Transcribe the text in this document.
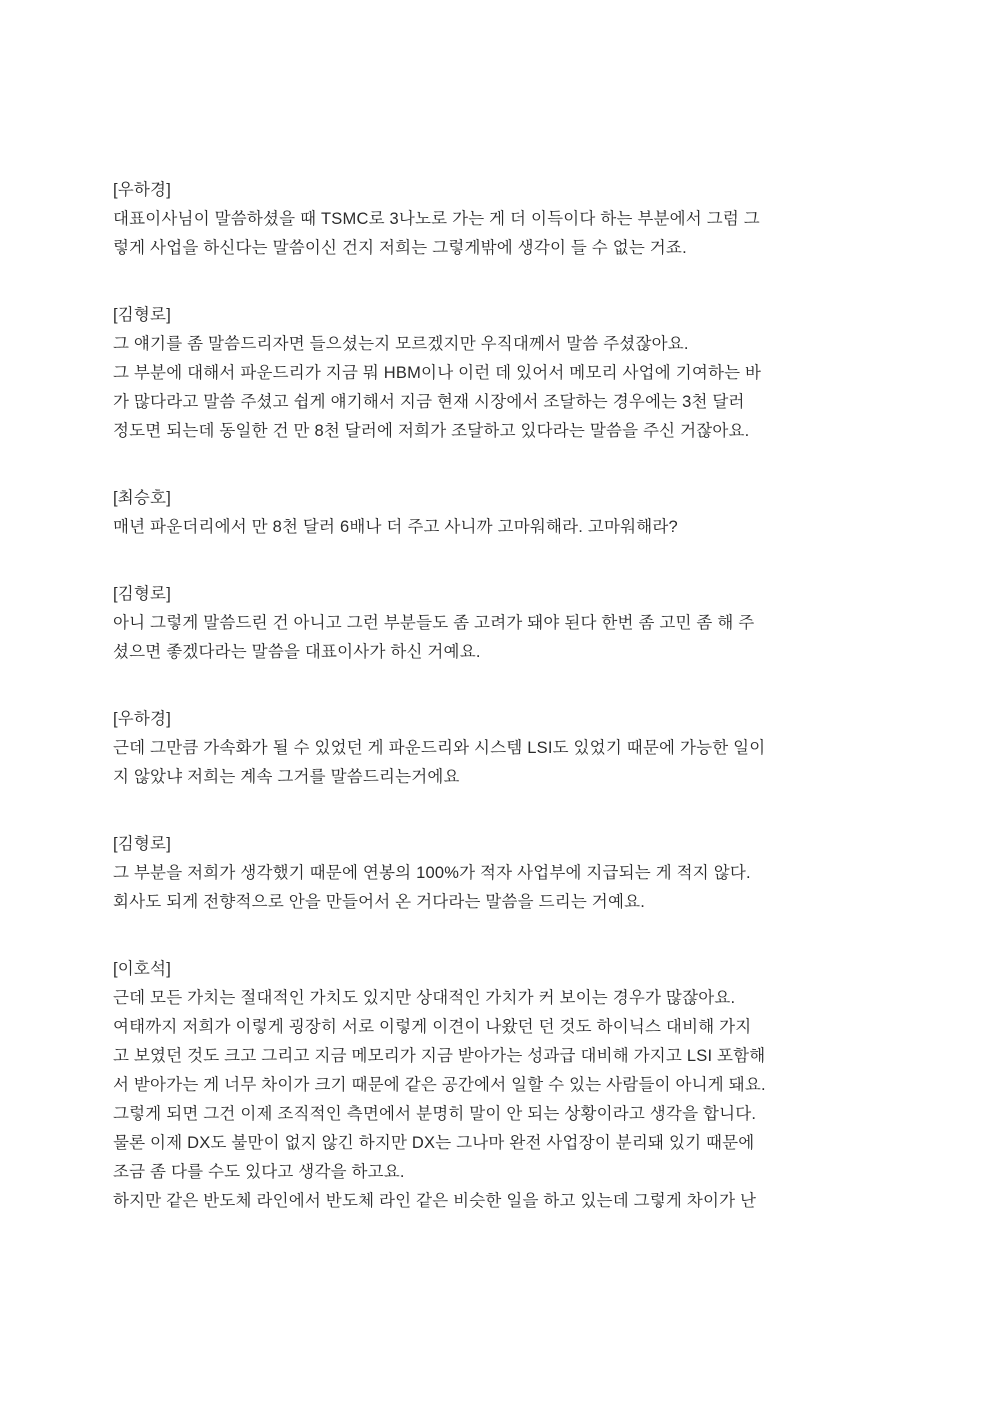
[우하경]
대표이사님이 말씀하셨을 때 TSMC로 3나노로 가는 게 더 이득이다 하는 부분에서 그럼 그
렇게 사업을 하신다는 말씀이신 건지 저희는 그렇게밖에 생각이 들 수 없는 거죠.
[김형로]
그 얘기를 좀 말씀드리자면 들으셨는지 모르겠지만 우직대께서 말씀 주셨잖아요.
그 부분에 대해서 파운드리가 지금 뭐 HBM이나 이런 데 있어서 메모리 사업에 기여하는 바
가 많다라고 말씀 주셨고 쉽게 얘기해서 지금 현재 시장에서 조달하는 경우에는 3천 달러
정도면 되는데 동일한 건 만 8천 달러에 저희가 조달하고 있다라는 말씀을 주신 거잖아요.
[최승호]
매년 파운더리에서 만 8천 달러 6배나 더 주고 사니까 고마워해라. 고마워해라?
[김형로]
아니 그렇게 말씀드린 건 아니고 그런 부분들도 좀 고려가 돼야 된다 한번 좀 고민 좀 해 주
셨으면 좋겠다라는 말씀을 대표이사가 하신 거예요.
[우하경]
근데 그만큼 가속화가 될 수 있었던 게 파운드리와 시스템 LSI도 있었기 때문에 가능한 일이
지 않았냐 저희는 계속 그거를 말씀드리는거에요
[김형로]
그 부분을 저희가 생각했기 때문에 연봉의 100%가 적자 사업부에 지급되는 게 적지 않다.
회사도 되게 전향적으로 안을 만들어서 온 거다라는 말씀을 드리는 거예요.
[이호석]
근데 모든 가치는 절대적인 가치도 있지만 상대적인 가치가 커 보이는 경우가 많잖아요.
여태까지 저희가 이렇게 굉장히 서로 이렇게 이견이 나왔던 던 것도 하이닉스 대비해 가지
고 보였던 것도 크고 그리고 지금 메모리가 지금 받아가는 성과급 대비해 가지고 LSI 포함해
서 받아가는 게 너무 차이가 크기 때문에 같은 공간에서 일할 수 있는 사람들이 아니게 돼요.
그렇게 되면 그건 이제 조직적인 측면에서 분명히 말이 안 되는 상황이라고 생각을 합니다.
물론 이제 DX도 불만이 없지 않긴 하지만 DX는 그나마 완전 사업장이 분리돼 있기 때문에
조금 좀 다를 수도 있다고 생각을 하고요.
하지만 같은 반도체 라인에서 반도체 라인 같은 비슷한 일을 하고 있는데 그렇게 차이가 난
